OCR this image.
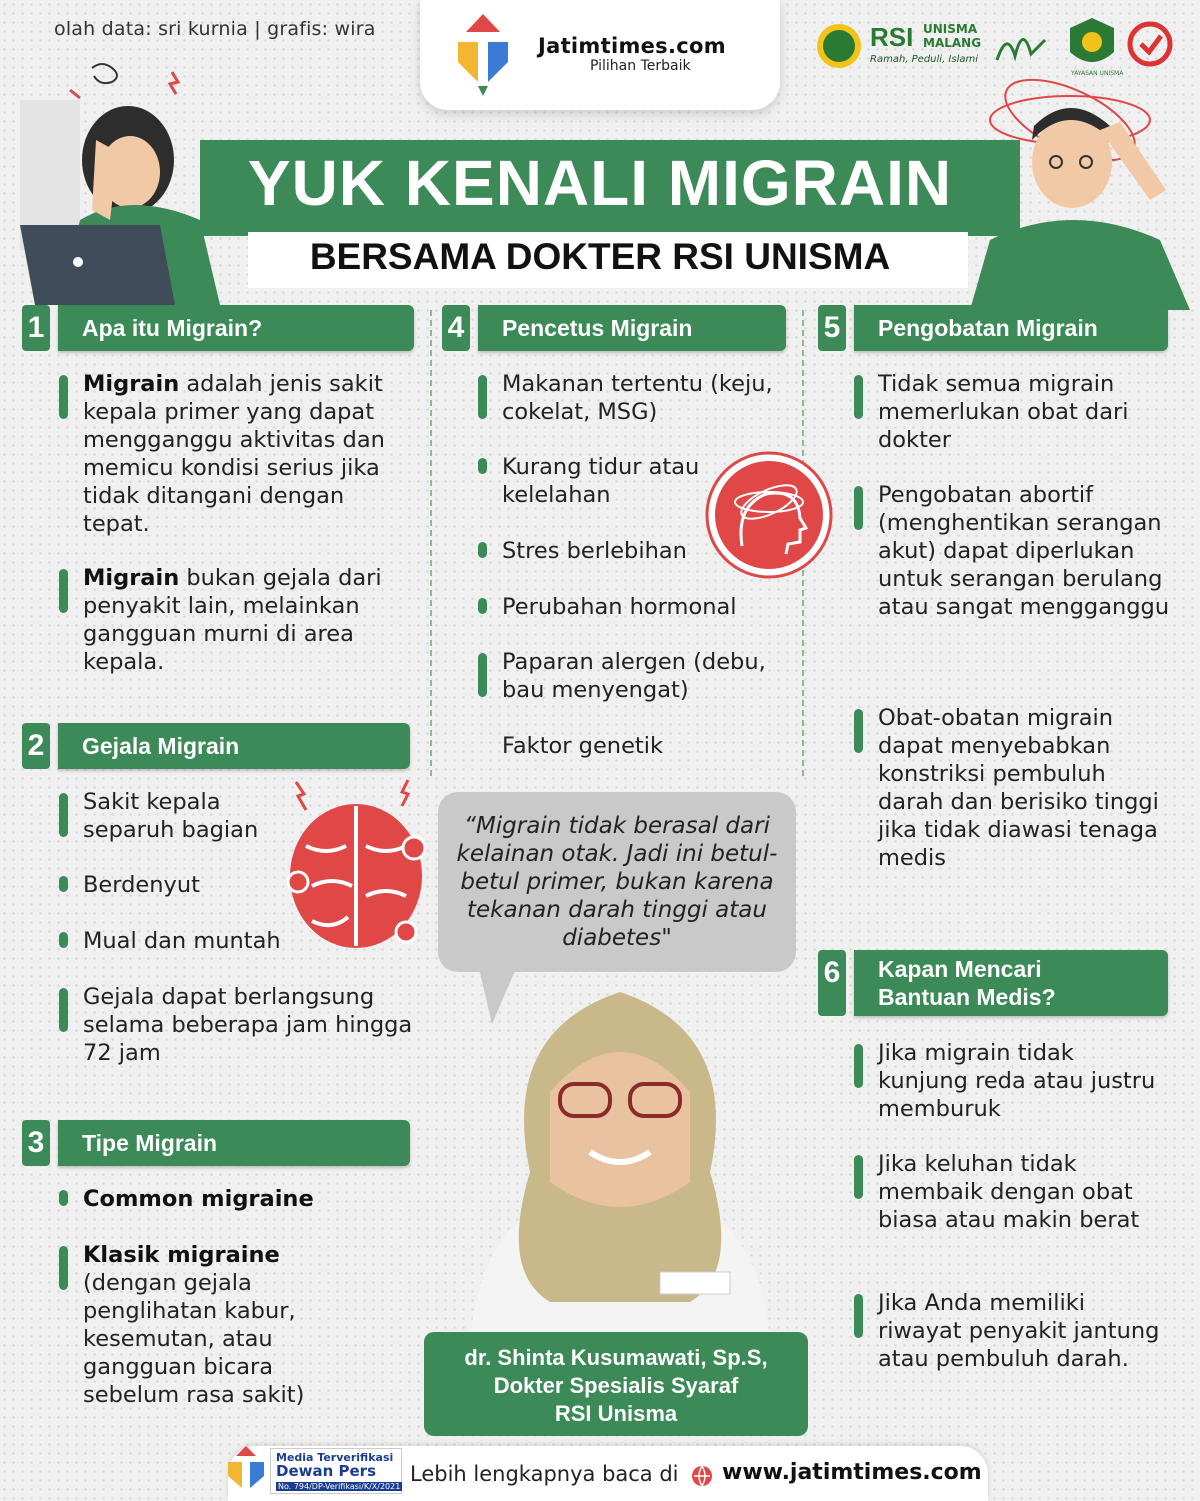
olah data: sri kurnia | grafis: wira
Jatimtimes.com
Pilihan Terbaik
RSI UNISMA
MALANG
Ramah, Peduli, Islami
YAYASAN UNISMA
YUK KENALI MIGRAIN
BERSAMA DOKTER RSI UNISMA
1	Apa itu Migrain?
Migrain adalah jenis sakit kepala primer yang dapat mengganggu aktivitas dan memicu kondisi serius jika tidak ditangani dengan tepat.
Migrain bukan gejala dari penyakit lain, melainkan gangguan murni di area kepala.
2	Gejala Migrain
Sakit kepala separuh bagian
Berdenyut
Mual dan muntah
Gejala dapat berlangsung selama beberapa jam hingga 72 jam
3	Tipe Migrain
Common migraine
Klasik migraine
(dengan gejala penglihatan kabur, kesemutan, atau gangguan bicara sebelum rasa sakit)
4	Pencetus Migrain
Makanan tertentu (keju, cokelat, MSG)
Kurang tidur atau kelelahan
Stres berlebihan
Perubahan hormonal
Paparan alergen (debu, bau menyengat)
Faktor genetik
5	Pengobatan Migrain
Tidak semua migrain memerlukan obat dari dokter
Pengobatan abortif (menghentikan serangan akut) dapat diperlukan untuk serangan berulang atau sangat mengganggu
Obat-obatan migrain dapat menyebabkan konstriksi pembuluh darah dan berisiko tinggi jika tidak diawasi tenaga medis
6	Kapan Mencari
Bantuan Medis?
Jika migrain tidak kunjung reda atau justru memburuk
Jika keluhan tidak membaik dengan obat biasa atau makin berat
Jika Anda memiliki riwayat penyakit jantung atau pembuluh darah.
“Migrain tidak berasal dari kelainan otak. Jadi ini betul-betul primer, bukan karena tekanan darah tinggi atau diabetes"
dr. Shinta Kusumawati, Sp.S,
Dokter Spesialis Syaraf
RSI Unisma
Media Terverifikasi
Dewan Pers
No. 794/DP-Verifikasi/K/X/2021
Lebih lengkapnya baca di www.jatimtimes.com
